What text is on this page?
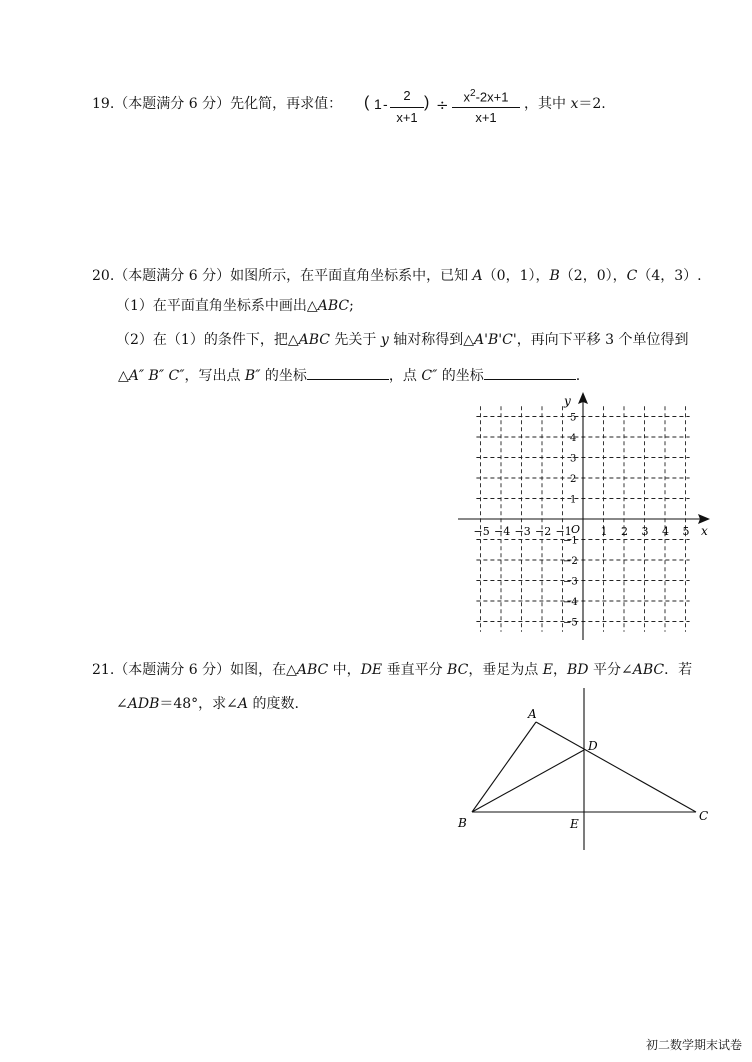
19.（本题满分 6 分）先化简，再求值： ( 1 -
2
x+1
) ÷	$x^2-2x+1$
x+1
，其中 x＝2.
20.（本题满分 6 分）如图所示，在平面直角坐标系中，已知 A（0，1），B（2，0），C（4，3）.
（1）在平面直角坐标系中画出△ABC;
（2）在（1）的条件下，把△ABC 先关于 y 轴对称得到△A'B'C'，再向下平移 3 个单位得到
△A″ B″ C″，写出点 B″ 的坐标	，点 C″ 的坐标	.
x
y
O
−5 −4 −3 −2 −1	1 2 3 4 5
5
4
3
2
1
−1
−2
−3
−4
−5
21.（本题满分 6 分）如图，在△ABC 中，DE 垂直平分 BC，垂足为点 E，BD 平分∠ABC．若
∠ADB＝48°，求∠A 的度数.
A
B	C
D
E
初二数学期末试卷
